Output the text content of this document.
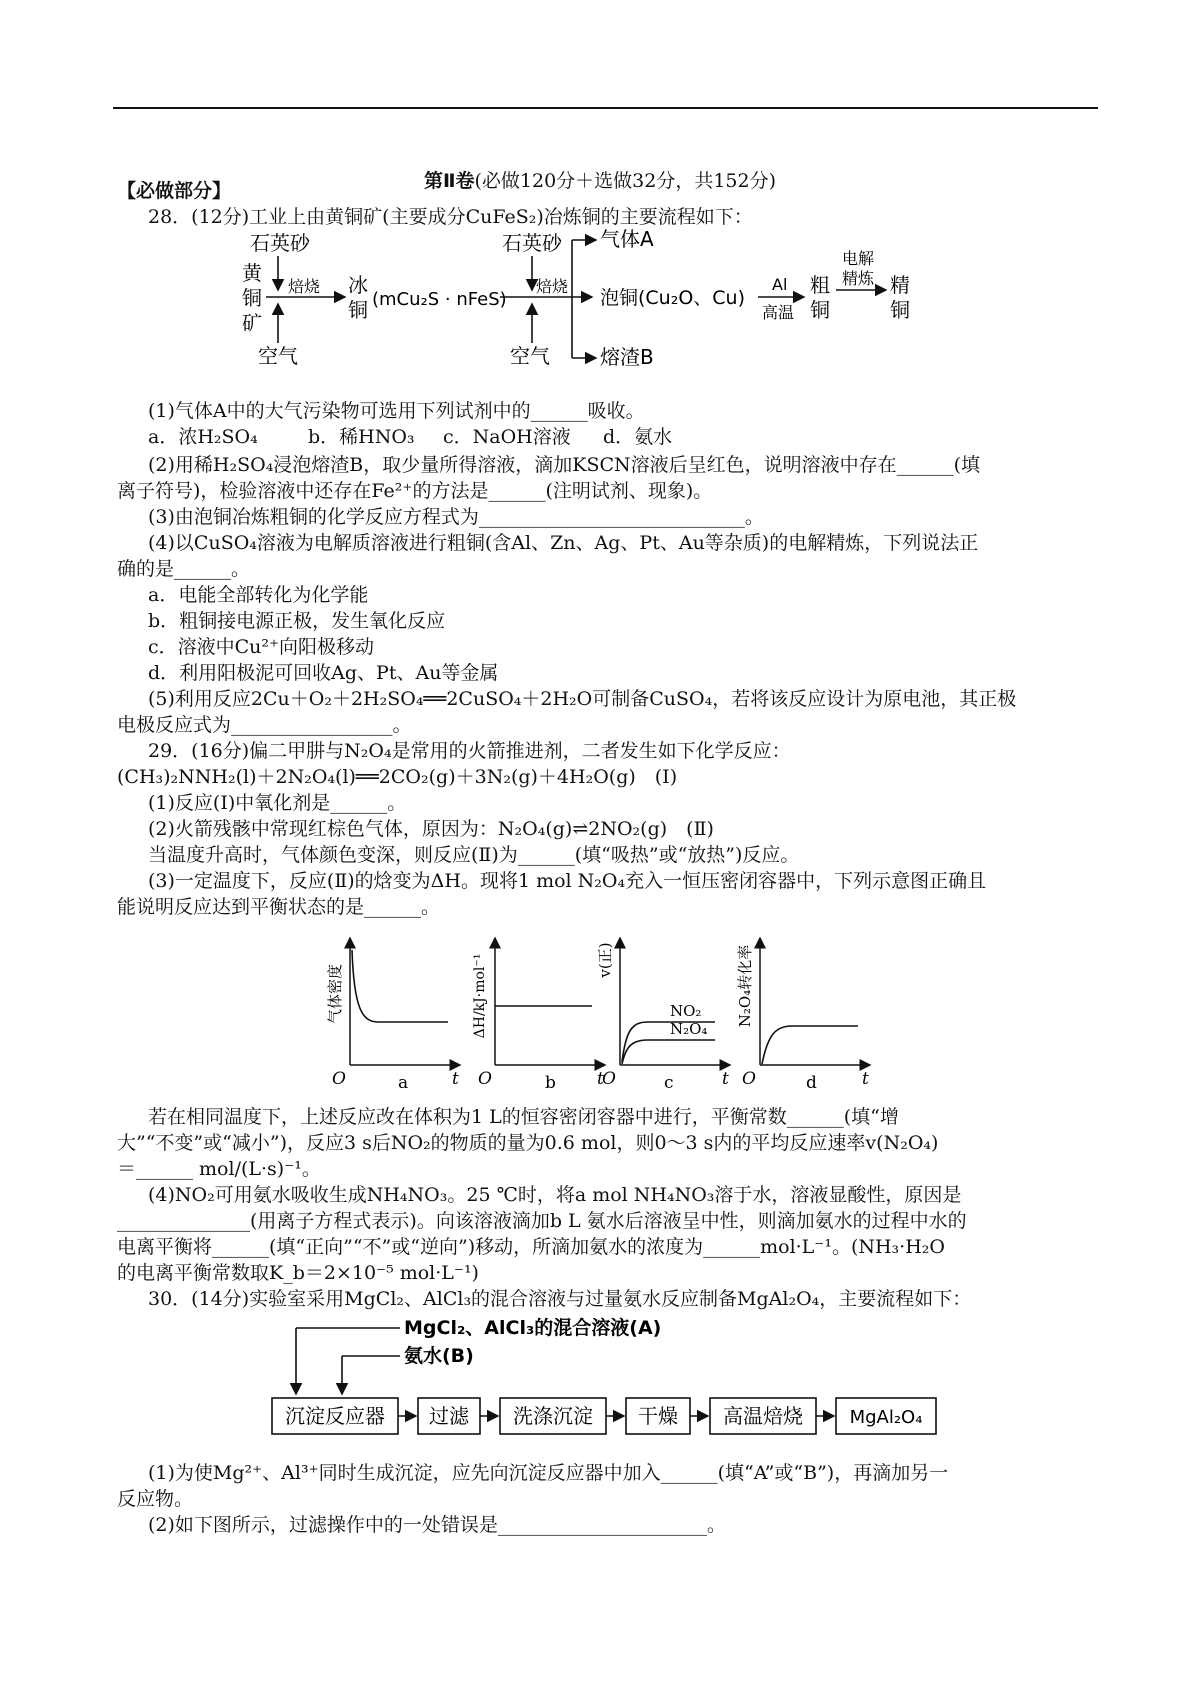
第Ⅱ卷(必做120分＋选做32分，共152分)
【必做部分】
28．(12分)工业上由黄铜矿(主要成分CuFeS₂)冶炼铜的主要流程如下：
石英砂
黄
铜
矿
焙烧
空气
冰
铜 (mCu₂S · nFeS)
石英砂
焙烧
空气
气体A
泡铜(Cu₂O、Cu)
熔渣B
Al
高温
粗
铜
电解
精炼 精
铜
(1)气体A中的大气污染物可选用下列试剂中的______吸收。
a．浓H₂SO₄	b．稀HNO₃ c．NaOH溶液 d．氨水
(2)用稀H₂SO₄浸泡熔渣B，取少量所得溶液，滴加KSCN溶液后呈红色，说明溶液中存在______(填
离子符号)，检验溶液中还存在Fe²⁺的方法是______(注明试剂、现象)。
(3)由泡铜冶炼粗铜的化学反应方程式为____________________________。
(4)以CuSO₄溶液为电解质溶液进行粗铜(含Al、Zn、Ag、Pt、Au等杂质)的电解精炼，下列说法正
确的是______。
a．电能全部转化为化学能
b．粗铜接电源正极，发生氧化反应
c．溶液中Cu²⁺向阳极移动
d．利用阳极泥可回收Ag、Pt、Au等金属
(5)利用反应2Cu＋O₂＋2H₂SO₄══2CuSO₄＋2H₂O可制备CuSO₄，若将该反应设计为原电池，其正极
电极反应式为_________________。
29．(16分)偏二甲肼与N₂O₄是常用的火箭推进剂，二者发生如下化学反应：
(CH₃)₂NNH₂(l)＋2N₂O₄(l)══2CO₂(g)＋3N₂(g)＋4H₂O(g)　(Ⅰ)
(1)反应(Ⅰ)中氧化剂是______。
(2)火箭残骸中常现红棕色气体，原因为：N₂O₄(g)⇌2NO₂(g)　(Ⅱ)
当温度升高时，气体颜色变深，则反应(Ⅱ)为______(填“吸热”或“放热”)反应。
(3)一定温度下，反应(Ⅱ)的焓变为ΔH。现将1 mol N₂O₄充入一恒压密闭容器中，下列示意图正确且
能说明反应达到平衡状态的是______。
气体密度
O	t
a
ΔH/kJ·mol⁻¹
O	t
b
v(正)
NO₂
N₂O₄
O	t
c
N₂O₄转化率
O	t
d
若在相同温度下，上述反应改在体积为1 L的恒容密闭容器中进行，平衡常数______(填“增
大”“不变”或“减小”)，反应3 s后NO₂的物质的量为0.6 mol，则0～3 s内的平均反应速率v(N₂O₄)
＝______ mol/(L·s)⁻¹。
(4)NO₂可用氨水吸收生成NH₄NO₃。25 ℃时，将a mol NH₄NO₃溶于水，溶液显酸性，原因是
______________(用离子方程式表示)。向该溶液滴加b L 氨水后溶液呈中性，则滴加氨水的过程中水的
电离平衡将______(填“正向”“不”或“逆向”)移动，所滴加氨水的浓度为______mol·L⁻¹。(NH₃·H₂O
的电离平衡常数取K_b＝2×10⁻⁵ mol·L⁻¹)
30．(14分)实验室采用MgCl₂、AlCl₃的混合溶液与过量氨水反应制备MgAl₂O₄，主要流程如下：
MgCl₂、AlCl₃的混合溶液(A)
氨水(B)
沉淀反应器 过滤 洗涤沉淀 干燥 高温焙烧	MgAl₂O₄
(1)为使Mg²⁺、Al³⁺同时生成沉淀，应先向沉淀反应器中加入______(填“A”或“B”)，再滴加另一
反应物。
(2)如下图所示，过滤操作中的一处错误是______________________。
